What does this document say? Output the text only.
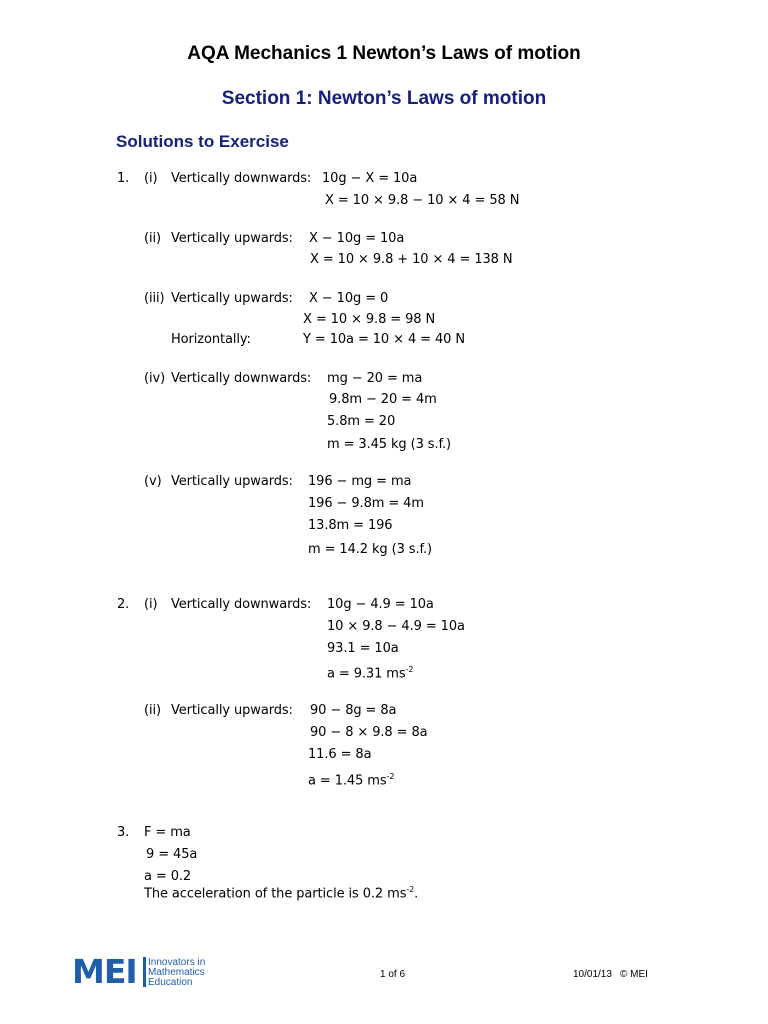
AQA Mechanics 1 Newton’s Laws of motion
Section 1: Newton’s Laws of motion
Solutions to Exercise
1. (i) Vertically downwards: 10g − X = 10a
X = 10 × 9.8 − 10 × 4 = 58 N
(ii) Vertically upwards: X − 10g = 10a
X = 10 × 9.8 + 10 × 4 = 138 N
(iii) Vertically upwards: X − 10g = 0
X = 10 × 9.8 = 98 N
Horizontally:	Y = 10a = 10 × 4 = 40 N
(iv) Vertically downwards: mg − 20 = ma
9.8m − 20 = 4m
5.8m = 20
m = 3.45 kg (3 s.f.)
(v) Vertically upwards: 196 − mg = ma
196 − 9.8m = 4m
13.8m = 196
m = 14.2 kg (3 s.f.)
2. (i) Vertically downwards: 10g − 4.9 = 10a
10 × 9.8 − 4.9 = 10a
93.1 = 10a
a = 9.31 $ms^{-2}$
(ii) Vertically upwards: 90 − 8g = 8a
90 − 8 × 9.8 = 8a
11.6 = 8a
a = 1.45 $ms^{-2}$
3. F = ma
9 = 45a
a = 0.2
The acceleration of the particle is 0.2 $ms^{-2}$.
MEI Innovators in
Mathematics
Education
1 of 6	10/01/13 © MEI
